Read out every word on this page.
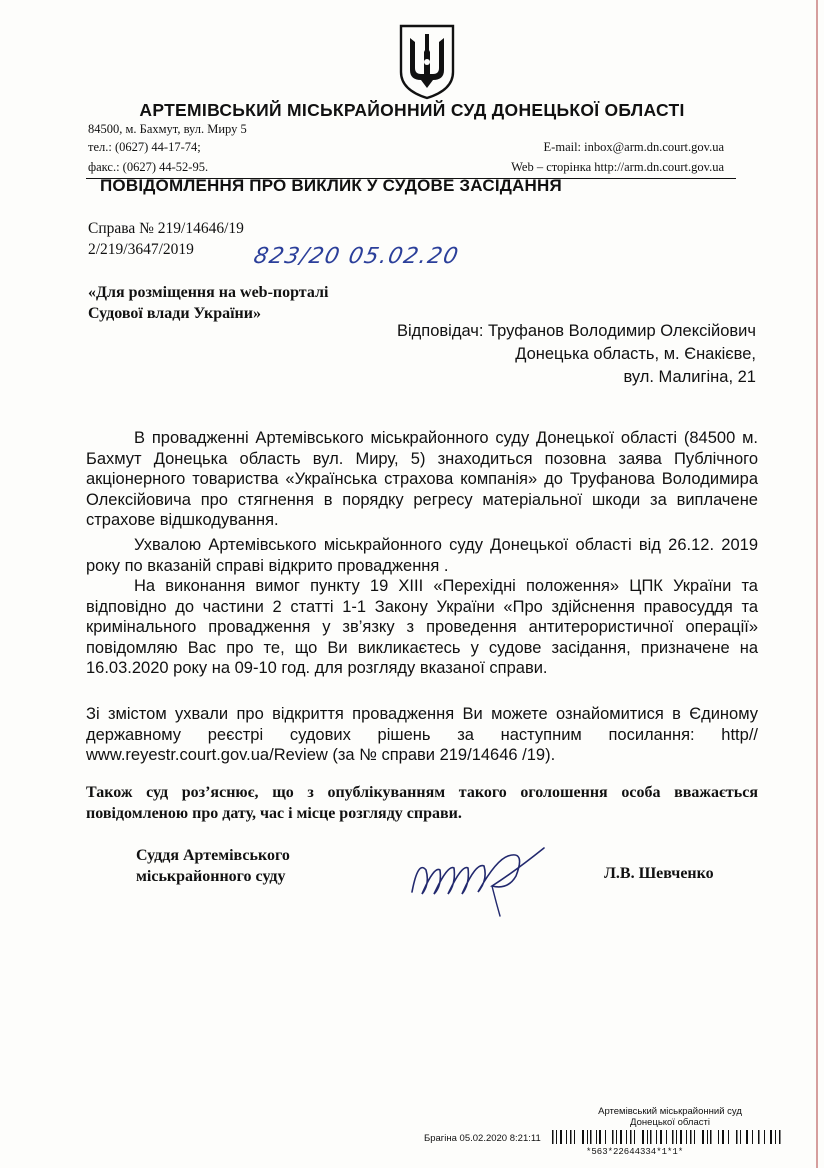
АРТЕМІВСЬКИЙ МІСЬКРАЙОННИЙ СУД ДОНЕЦЬКОЇ ОБЛАСТІ
84500, м. Бахмут, вул. Миру 5
тел.: (0627) 44-17-74;
факс.: (0627) 44-52-95.
E-mail: inbox@arm.dn.court.gov.ua
Web – сторінка http://arm.dn.court.gov.ua
ПОВІДОМЛЕННЯ ПРО ВИКЛИК У СУДОВЕ ЗАСІДАННЯ
Справа № 219/14646/19
2/219/3647/2019	823/20 05.02.20
«Для розміщення на web-порталі
Судової влади України»
Відповідач: Труфанов Володимир Олексійович
Донецька область, м. Єнакієве,
вул. Малигіна, 21
В провадженні Артемівського міськрайонного суду Донецької області (84500 м. Бахмут Донецька область вул. Миру, 5) знаходиться позовна заява Публічного акціонерного товариства «Українська страхова компанія» до Труфанова Володимира Олексійовича про стягнення в порядку регресу матеріальної шкоди за виплачене страхове відшкодування.
Ухвалою Артемівського міськрайонного суду Донецької області від 26.12. 2019 року по вказаній справі відкрито провадження .
На виконання вимог пункту 19 XIII «Перехідні положення» ЦПК України та відповідно до частини 2 статті 1-1 Закону України «Про здійснення правосуддя та кримінального провадження у зв’язку з проведення антитерористичної операції» повідомляю Вас про те, що Ви викликаєтесь у судове засідання, призначене на 16.03.2020 року на 09-10 год. для розгляду вказаної справи.
Зі змістом ухвали про відкриття провадження Ви можете ознайомитися в Єдиному державному реєстрі судових рішень за наступним посилання: http// www.reyestr.court.gov.ua/Review (за № справи 219/14646 /19).
Також суд роз’яснює, що з опублікуванням такого оголошення особа вважається повідомленою про дату, час і місце розгляду справи.
Суддя Артемівського
міськрайонного суду	Л.В. Шевченко
Артемівський міськрайонний суд
Донецької області
Брагіна 05.02.2020 8:21:11
*563*22644334*1*1*
